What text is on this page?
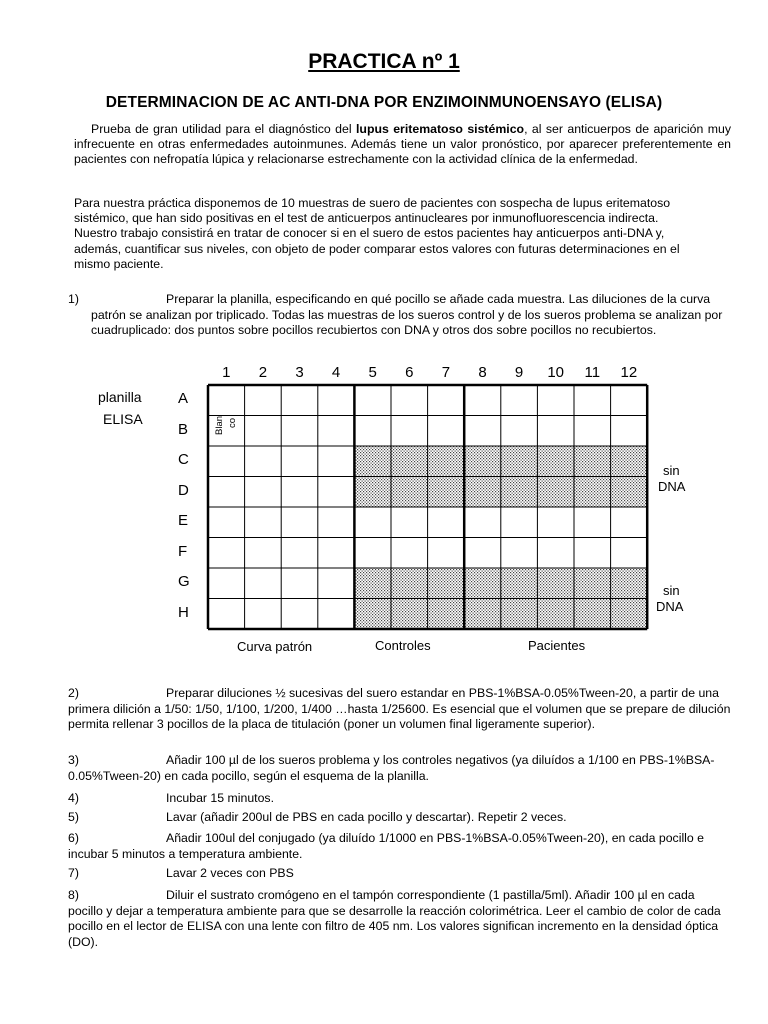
PRACTICA nº 1
DETERMINACION DE AC ANTI-DNA POR ENZIMOINMUNOENSAYO (ELISA)
Prueba de gran utilidad para el diagnóstico del lupus eritematoso sistémico, al ser anticuerpos de aparición muy infrecuente en otras enfermedades autoinmunes. Además tiene un valor pronóstico, por aparecer preferentemente en pacientes con nefropatía lúpica y relacionarse estrechamente con la actividad clínica de la enfermedad.
Para nuestra práctica disponemos de 10 muestras de suero de pacientes con sospecha de lupus eritematoso
sistémico, que han sido positivas en el test de anticuerpos antinucleares por inmunofluorescencia indirecta.
Nuestro trabajo consistirá en tratar de conocer si en el suero de estos pacientes hay anticuerpos anti-DNA y,
además, cuantificar sus niveles, con objeto de poder comparar estos valores con futuras determinaciones en el
mismo paciente.
1)	Preparar la planilla, especificando en qué pocillo se añade cada muestra. Las diluciones de la curva patrón se analizan por triplicado. Todas las muestras de los sueros control y de los sueros problema se analizan por cuadruplicado: dos puntos sobre pocillos recubiertos con DNA y otros dos sobre pocillos no recubiertos.
planilla
ELISA
1	2	3	4	5	6	7	8	9	10	11	12
A
B
C
D
E
F
G
H
Blan co
sin
DNA
sin
DNA
Curva patrón	Controles	Pacientes
2)	Preparar diluciones ½ sucesivas del suero estandar en PBS-1%BSA-0.05%Tween-20, a partir de una primera dilición a 1/50: 1/50, 1/100, 1/200, 1/400 …hasta 1/25600. Es esencial que el volumen que se prepare de dilución permita rellenar 3 pocillos de la placa de titulación (poner un volumen final ligeramente superior).
3)	Añadir 100 µl de los sueros problema y los controles negativos (ya diluídos a 1/100 en PBS-1%BSA-0.05%Tween-20) en cada pocillo, según el esquema de la planilla.
4)	Incubar 15 minutos.
5)	Lavar (añadir 200ul de PBS en cada pocillo y descartar). Repetir 2 veces.
6)	Añadir 100ul del conjugado (ya diluído 1/1000 en PBS-1%BSA-0.05%Tween-20), en cada pocillo e incubar 5 minutos a temperatura ambiente.
7)	Lavar 2 veces con PBS
8)	Diluir el sustrato cromógeno en el tampón correspondiente (1 pastilla/5ml). Añadir 100 µl en cada pocillo y dejar a temperatura ambiente para que se desarrolle la reacción colorimétrica. Leer el cambio de color de cada pocillo en el lector de ELISA con una lente con filtro de 405 nm. Los valores significan incremento en la densidad óptica (DO).
